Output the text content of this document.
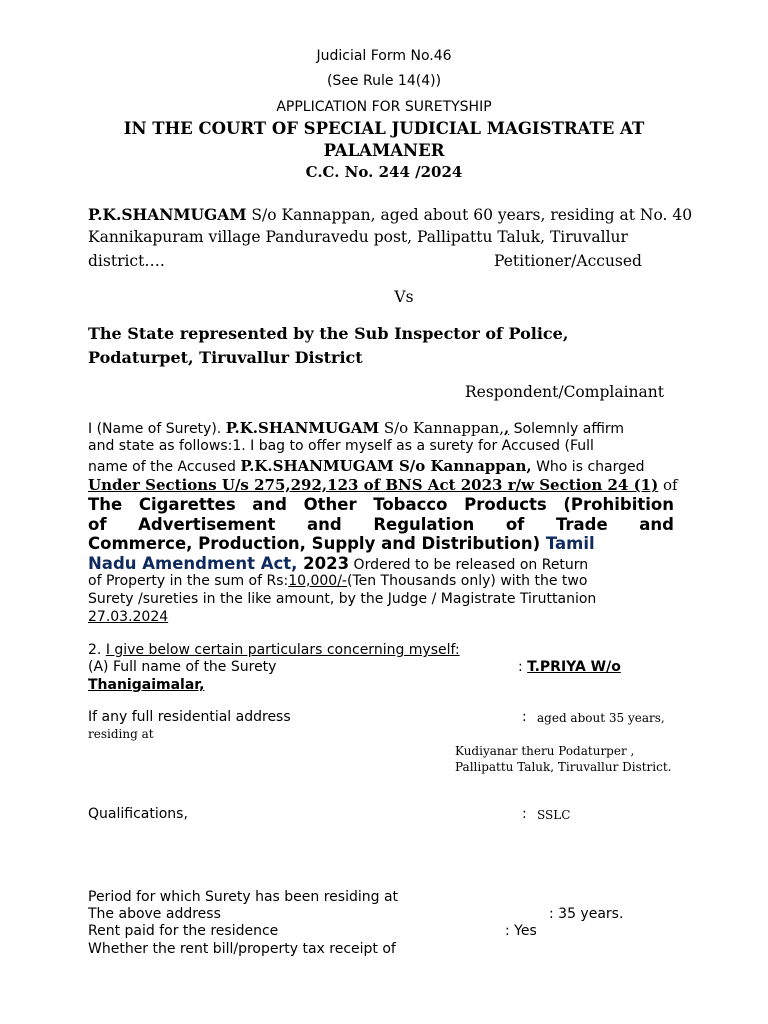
Judicial Form No.46
(See Rule 14(4))
APPLICATION FOR SURETYSHIP
IN THE COURT OF SPECIAL JUDICIAL MAGISTRATE AT
PALAMANER
C.C. No. 244 /2024
P.K.SHANMUGAM S/o Kannappan, aged about 60 years, residing at No. 40
Kannikapuram village Panduravedu post, Pallipattu Taluk, Tiruvallur
district….	Petitioner/Accused
Vs
The State represented by the Sub Inspector of Police,
Podaturpet, Tiruvallur District
Respondent/Complainant
I (Name of Surety). P.K.SHANMUGAM S/o Kannappan,, Solemnly affirm
and state as follows:1. I bag to offer myself as a surety for Accused (Full
name of the Accused P.K.SHANMUGAM S/o Kannappan, Who is charged
Under Sections U/s 275,292,123 of BNS Act 2023 r/w Section 24 (1) of
The Cigarettes and Other Tobacco Products (Prohibition
of  Advertisement  and  Regulation  of  Trade  and
Commerce, Production, Supply and Distribution) Tamil
Nadu Amendment Act, 2023 Ordered to be released on Return
of Property in the sum of Rs:10,000/-(Ten Thousands only) with the two
Surety /sureties in the like amount, by the Judge / Magistrate Tiruttanion
27.03.2024
2. I give below certain particulars concerning myself:
(A) Full name of the Surety	: T.PRIYA W/o
Thanigaimalar,
If any full residential address	: aged about 35 years,
residing at
Kudiyanar theru Podaturper ,
Pallipattu Taluk, Tiruvallur District.
Qualifications,	: SSLC
Period for which Surety has been residing at
The above address	: 35 years.
Rent paid for the residence	: Yes
Whether the rent bill/property tax receipt of
